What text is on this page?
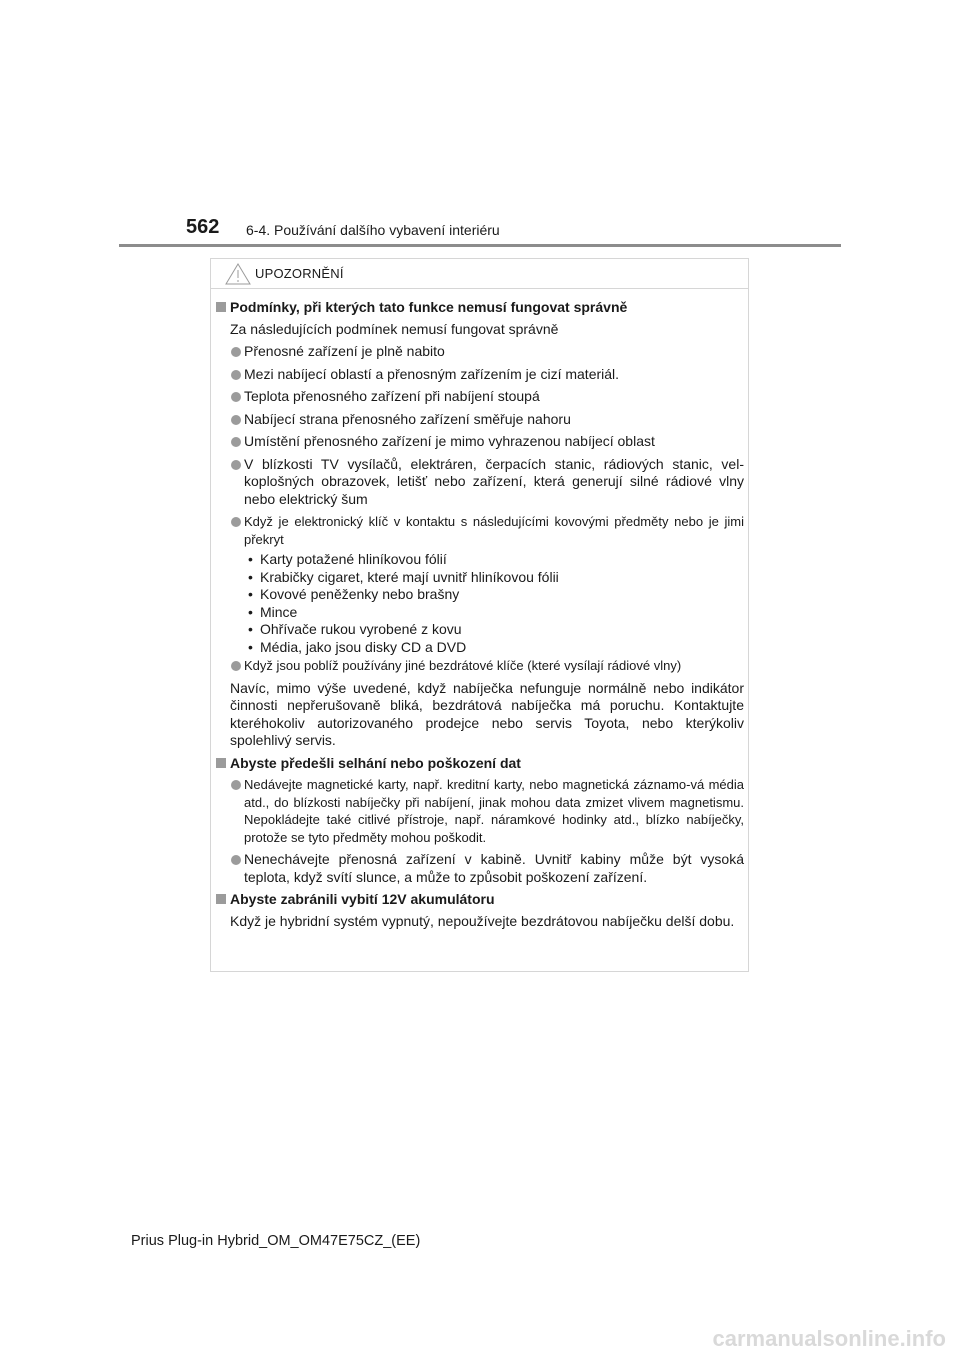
562 6-4. Používání dalšího vybavení interiéru
UPOZORNĚNÍ
Podmínky, při kterých tato funkce nemusí fungovat správně
Za následujících podmínek nemusí fungovat správně
Přenosné zařízení je plně nabito
Mezi nabíjecí oblastí a přenosným zařízením je cizí materiál.
Teplota přenosného zařízení při nabíjení stoupá
Nabíjecí strana přenosného zařízení směřuje nahoru
Umístění přenosného zařízení je mimo vyhrazenou nabíjecí oblast
V blízkosti TV vysílačů, elektráren, čerpacích stanic, rádiových stanic, vel-koplošných obrazovek, letišť nebo zařízení, která generují silné rádiové vlny nebo elektrický šum
Když je elektronický klíč v kontaktu s následujícími kovovými předměty nebo je jimi překryt
• Karty potažené hliníkovou fólií
• Krabičky cigaret, které mají uvnitř hliníkovou fólii
• Kovové peněženky nebo brašny
• Mince
• Ohřívače rukou vyrobené z kovu
• Média, jako jsou disky CD a DVD
Když jsou poblíž používány jiné bezdrátové klíče (které vysílají rádiové vlny)
Navíc, mimo výše uvedené, když nabíječka nefunguje normálně nebo indikátor činnosti nepřerušovaně bliká, bezdrátová nabíječka má poruchu. Kontaktujte kteréhokoliv autorizovaného prodejce nebo servis Toyota, nebo kterýkoliv spolehlivý servis.
Abyste předešli selhání nebo poškození dat
Nedávejte magnetické karty, např. kreditní karty, nebo magnetická záznamo-vá média atd., do blízkosti nabíječky při nabíjení, jinak mohou data zmizet vlivem magnetismu. Nepokládejte také citlivé přístroje, např. náramkové hodinky atd., blízko nabíječky, protože se tyto předměty mohou poškodit.
Nenechávejte přenosná zařízení v kabině. Uvnitř kabiny může být vysoká teplota, když svítí slunce, a může to způsobit poškození zařízení.
Abyste zabránili vybití 12V akumulátoru
Když je hybridní systém vypnutý, nepoužívejte bezdrátovou nabíječku delší dobu.
Prius Plug-in Hybrid_OM_OM47E75CZ_(EE)
carmanualsonline.info
